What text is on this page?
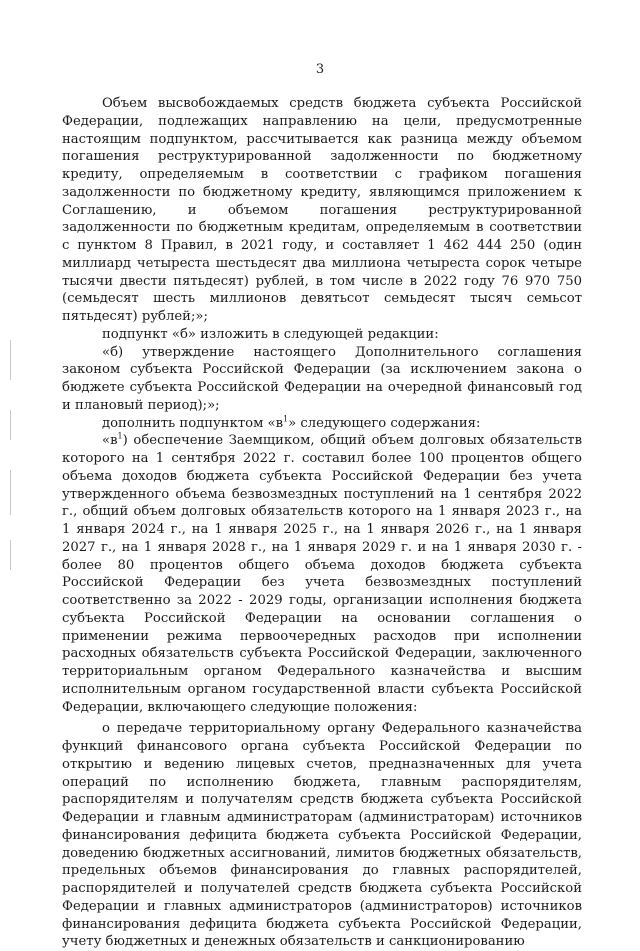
3

Объем высвобождаемых средств бюджета субъекта Российской Федерации, подлежащих направлению на цели, предусмотренные настоящим подпунктом, рассчитывается как разница между объемом погашения реструктурированной задолженности по бюджетному кредиту, определяемым в соответствии с графиком погашения задолженности по бюджетному кредиту, являющимся приложением к Соглашению, и объемом погашения реструктурированной задолженности по бюджетным кредитам, определяемым в соответствии с пунктом 8 Правил, в 2021 году, и составляет 1 462 444 250 (один миллиард четыреста шестьдесят два миллиона четыреста сорок четыре тысячи двести пятьдесят) рублей, в том числе в 2022 году 76 970 750 (семьдесят шесть миллионов девятьсот семьдесят тысяч семьсот пятьдесят) рублей;»;

подпункт «б» изложить в следующей редакции:

«б) утверждение настоящего Дополнительного соглашения законом субъекта Российской Федерации (за исключением закона о бюджете субъекта Российской Федерации на очередной финансовый год и плановый период);»;

дополнить подпунктом «$в^1$» следующего содержания:

«$в^1$) обеспечение Заемщиком, общий объем долговых обязательств которого на 1 сентября 2022 г. составил более 100 процентов общего объема доходов бюджета субъекта Российской Федерации без учета утвержденного объема безвозмездных поступлений на 1 сентября 2022 г., общий объем долговых обязательств которого на 1 января 2023 г., на 1 января 2024 г., на 1 января 2025 г., на 1 января 2026 г., на 1 января 2027 г., на 1 января 2028 г., на 1 января 2029 г. и на 1 января 2030 г. - более 80 процентов общего объема доходов бюджета субъекта Российской Федерации без учета безвозмездных поступлений соответственно за 2022 - 2029 годы, организации исполнения бюджета субъекта Российской Федерации на основании соглашения о применении режима первоочередных расходов при исполнении расходных обязательств субъекта Российской Федерации, заключенного территориальным органом Федерального казначейства и высшим исполнительным органом государственной власти субъекта Российской Федерации, включающего следующие положения:

о передаче территориальному органу Федерального казначейства функций финансового органа субъекта Российской Федерации по открытию и ведению лицевых счетов, предназначенных для учета операций по исполнению бюджета, главным распорядителям, распорядителям и получателям средств бюджета субъекта Российской Федерации и главным администраторам (администраторам) источников финансирования дефицита бюджета субъекта Российской Федерации, доведению бюджетных ассигнований, лимитов бюджетных обязательств, предельных объемов финансирования до главных распорядителей, распорядителей и получателей средств бюджета субъекта Российской Федерации и главных администраторов (администраторов) источников финансирования дефицита бюджета субъекта Российской Федерации, учету бюджетных и денежных обязательств и санкционированию
